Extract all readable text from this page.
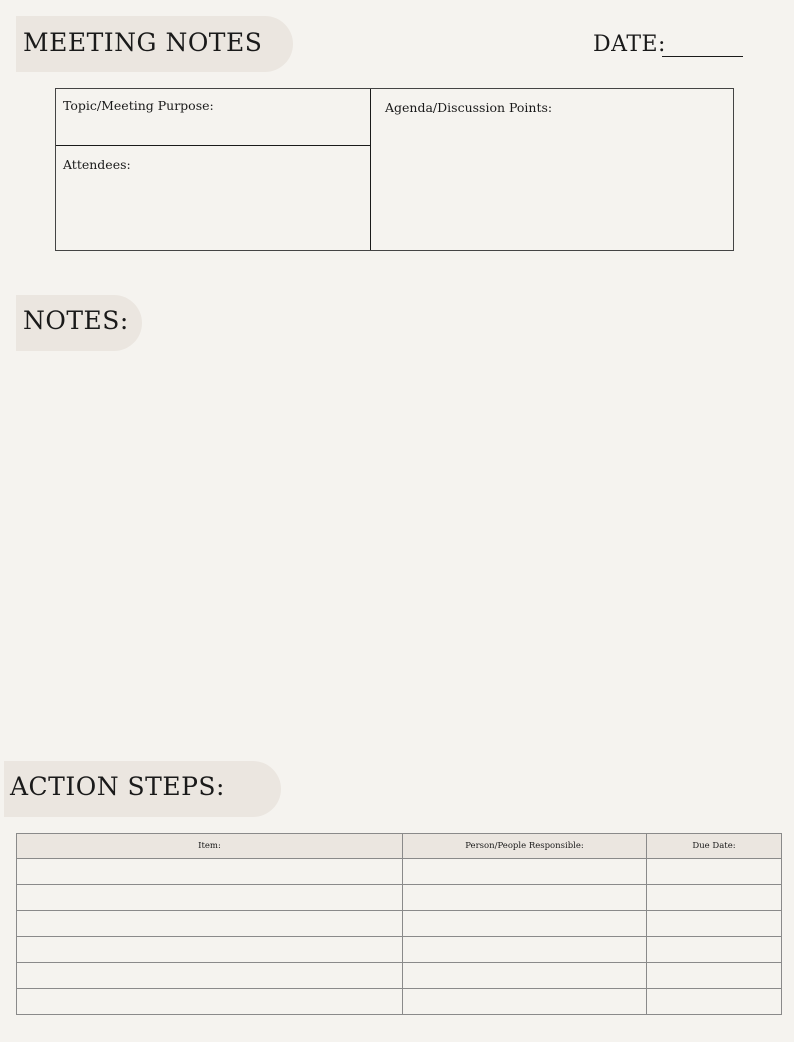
MEETING NOTES	DATE:
Topic/Meeting Purpose:
Attendees:
Agenda/Discussion Points:
NOTES:
ACTION STEPS:
Item:	Person/People Responsible:	Due Date:
